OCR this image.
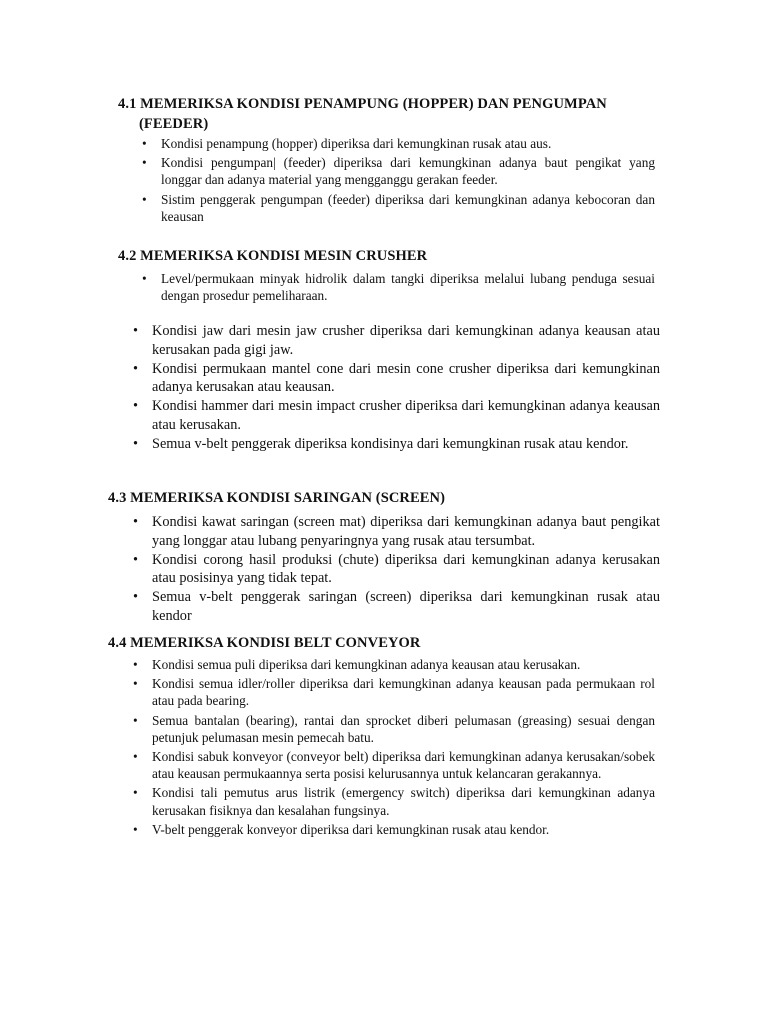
4.1 MEMERIKSA KONDISI PENAMPUNG (HOPPER) DAN PENGUMPAN
(FEEDER)
• Kondisi penampung (hopper) diperiksa dari kemungkinan rusak atau aus.
• Kondisi pengumpan| (feeder) diperiksa dari kemungkinan adanya baut pengikat yang longgar dan adanya material yang mengganggu gerakan feeder.
• Sistim penggerak pengumpan (feeder) diperiksa dari kemungkinan adanya kebocoran dan keausan
4.2 MEMERIKSA KONDISI MESIN CRUSHER
• Level/permukaan minyak hidrolik dalam tangki diperiksa melalui lubang penduga sesuai dengan prosedur pemeliharaan.
• Kondisi jaw dari mesin jaw crusher diperiksa dari kemungkinan adanya keausan atau kerusakan pada gigi jaw.
• Kondisi permukaan mantel cone dari mesin cone crusher diperiksa dari kemungkinan adanya kerusakan atau keausan.
• Kondisi hammer dari mesin impact crusher diperiksa dari kemungkinan adanya keausan atau kerusakan.
• Semua v-belt penggerak diperiksa kondisinya dari kemungkinan rusak atau kendor.
4.3 MEMERIKSA KONDISI SARINGAN (SCREEN)
• Kondisi kawat saringan (screen mat) diperiksa dari kemungkinan adanya baut pengikat yang longgar atau lubang penyaringnya yang rusak atau tersumbat.
• Kondisi corong hasil produksi (chute) diperiksa dari kemungkinan adanya kerusakan atau posisinya yang tidak tepat.
• Semua v-belt penggerak saringan (screen) diperiksa dari kemungkinan rusak atau kendor
4.4 MEMERIKSA KONDISI BELT CONVEYOR
• Kondisi semua puli diperiksa dari kemungkinan adanya keausan atau kerusakan.
• Kondisi semua idler/roller diperiksa dari kemungkinan adanya keausan pada permukaan rol atau pada bearing.
• Semua bantalan (bearing), rantai dan sprocket diberi pelumasan (greasing) sesuai dengan petunjuk pelumasan mesin pemecah batu.
• Kondisi sabuk konveyor (conveyor belt) diperiksa dari kemungkinan adanya kerusakan/sobek atau keausan permukaannya serta posisi kelurusannya untuk kelancaran gerakannya.
• Kondisi tali pemutus arus listrik (emergency switch) diperiksa dari kemungkinan adanya kerusakan fisiknya dan kesalahan fungsinya.
• V-belt penggerak konveyor diperiksa dari kemungkinan rusak atau kendor.
